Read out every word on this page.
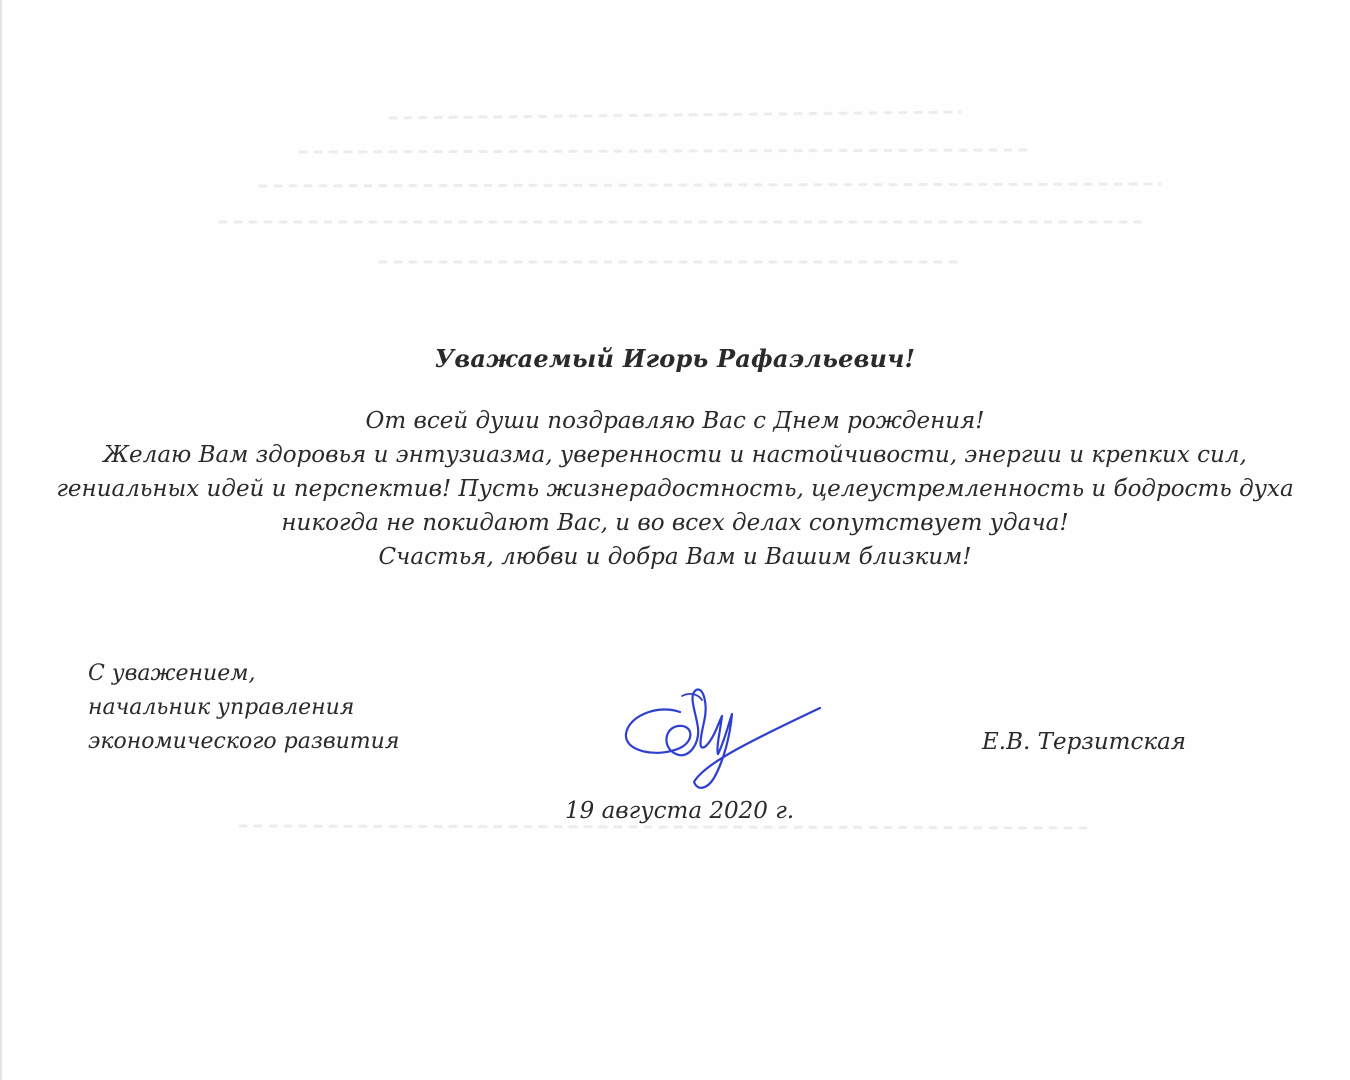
Уважаемый Игорь Рафаэльевич!

От всей души поздравляю Вас с Днем рождения!

Желаю Вам здоровья и энтузиазма, уверенности и настойчивости, энергии и крепких сил,

гениальных идей и перспектив! Пусть жизнерадостность, целеустремленность и бодрость духа

никогда не покидают Вас, и во всех делах сопутствует удача!

Счастья, любви и добра Вам и Вашим близким!

С уважением,
начальник управления
экономического развития	Е.В. Терзитская
19 августа 2020 г.
